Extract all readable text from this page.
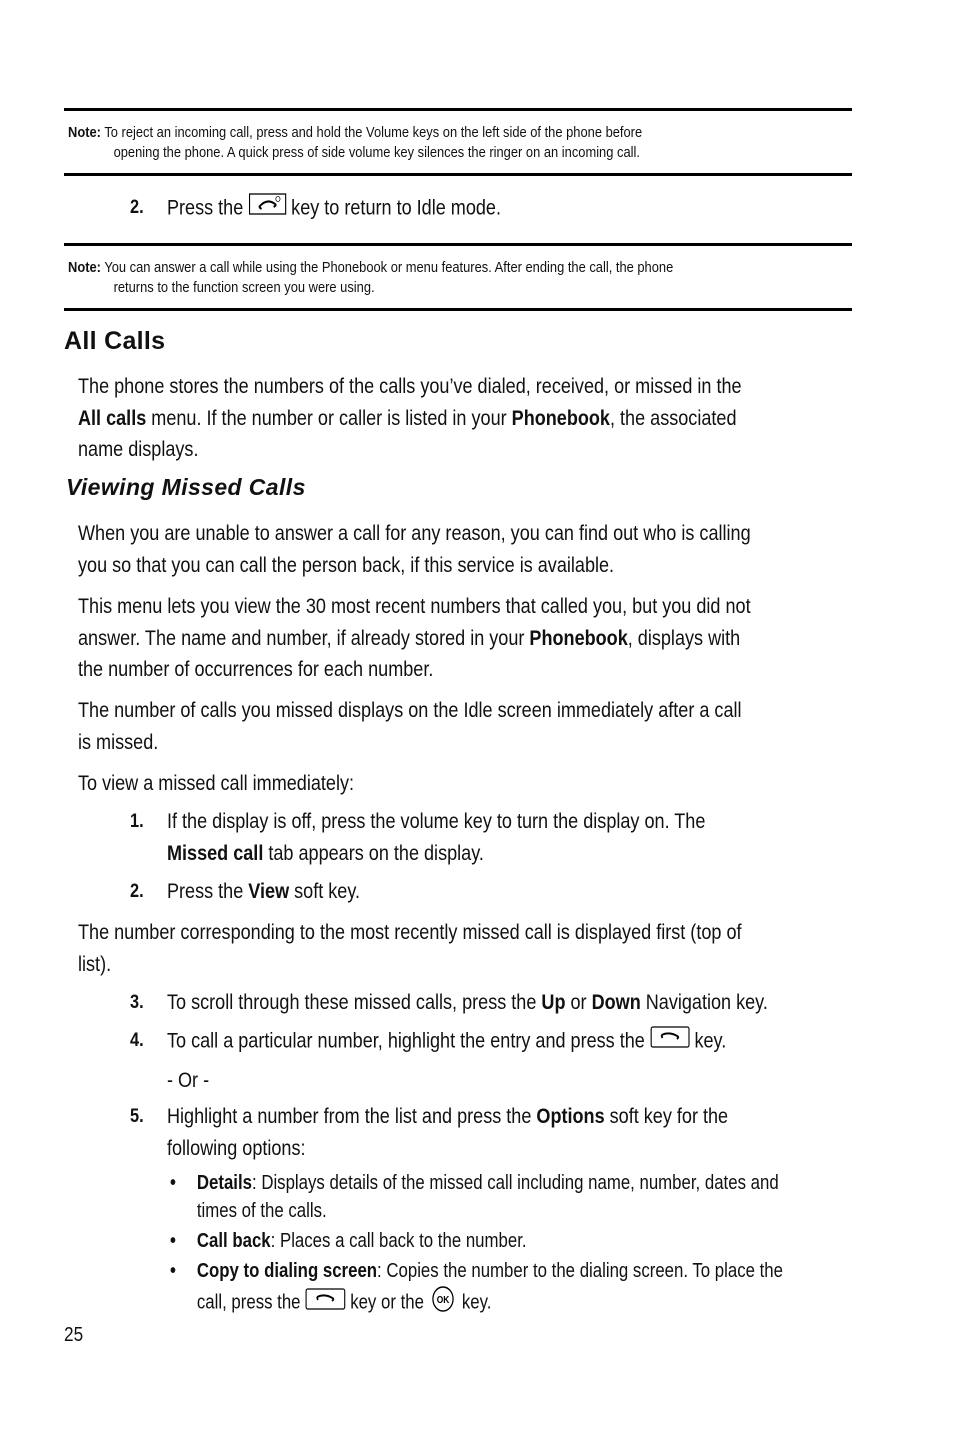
Note: To reject an incoming call, press and hold the Volume keys on the left side of the phone before
opening the phone. A quick press of side volume key silences the ringer on an incoming call.
2. Press the key to return to Idle mode.
Note: You can answer a call while using the Phonebook or menu features. After ending the call, the phone
returns to the function screen you were using.
All Calls
The phone stores the numbers of the calls you’ve dialed, received, or missed in the
All calls menu. If the number or caller is listed in your Phonebook, the associated
name displays.
Viewing Missed Calls
When you are unable to answer a call for any reason, you can find out who is calling
you so that you can call the person back, if this service is available.
This menu lets you view the 30 most recent numbers that called you, but you did not
answer. The name and number, if already stored in your Phonebook, displays with
the number of occurrences for each number.
The number of calls you missed displays on the Idle screen immediately after a call
is missed.
To view a missed call immediately:
1. If the display is off, press the volume key to turn the display on. The
Missed call tab appears on the display.
2. Press the View soft key.
The number corresponding to the most recently missed call is displayed first (top of
list).
3. To scroll through these missed calls, press the Up or Down Navigation key.
4. To call a particular number, highlight the entry and press the key.
- Or -
5. Highlight a number from the list and press the Options soft key for the
following options:
• Details: Displays details of the missed call including name, number, dates and
times of the calls.
• Call back: Places a call back to the number.
• Copy to dialing screen: Copies the number to the dialing screen. To place the
call, press the key or the OK key.
25
